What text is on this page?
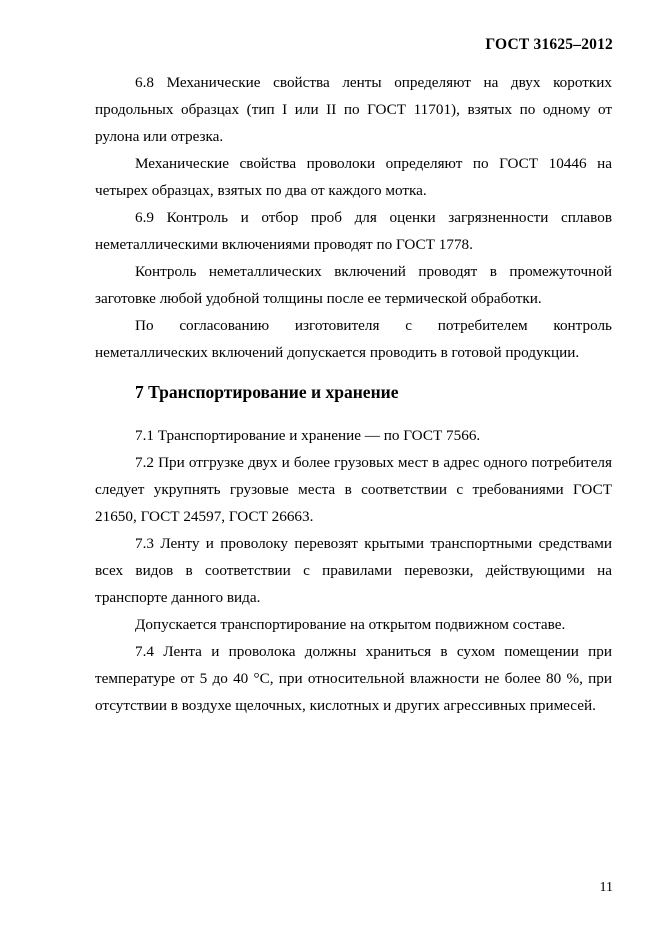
ГОСТ 31625–2012

6.8 Механические свойства ленты определяют на двух коротких продольных образцах (тип I или II по ГОСТ 11701), взятых по одному от рулона или отрезка.

Механические свойства проволоки определяют по ГОСТ 10446 на четырех образцах, взятых по два от каждого мотка.

6.9 Контроль и отбор проб для оценки загрязненности сплавов неметаллическими включениями проводят по ГОСТ 1778.

Контроль неметаллических включений проводят в промежуточной заготовке любой удобной толщины после ее термической обработки.

По согласованию изготовителя с потребителем контроль неметаллических включений допускается проводить в готовой продукции.

7 Транспортирование и хранение

7.1 Транспортирование и хранение — по ГОСТ 7566.

7.2 При отгрузке двух и более грузовых мест в адрес одного потребителя следует укрупнять грузовые места в соответствии с требованиями ГОСТ 21650, ГОСТ 24597, ГОСТ 26663.

7.3 Ленту и проволоку перевозят крытыми транспортными средствами всех видов в соответствии с правилами перевозки, действующими на транспорте данного вида.

Допускается транспортирование на открытом подвижном составе.

7.4 Лента и проволока должны храниться в сухом помещении при температуре от 5 до 40 °С, при относительной влажности не более 80 %, при отсутствии в воздухе щелочных, кислотных и других агрессивных примесей.

11
